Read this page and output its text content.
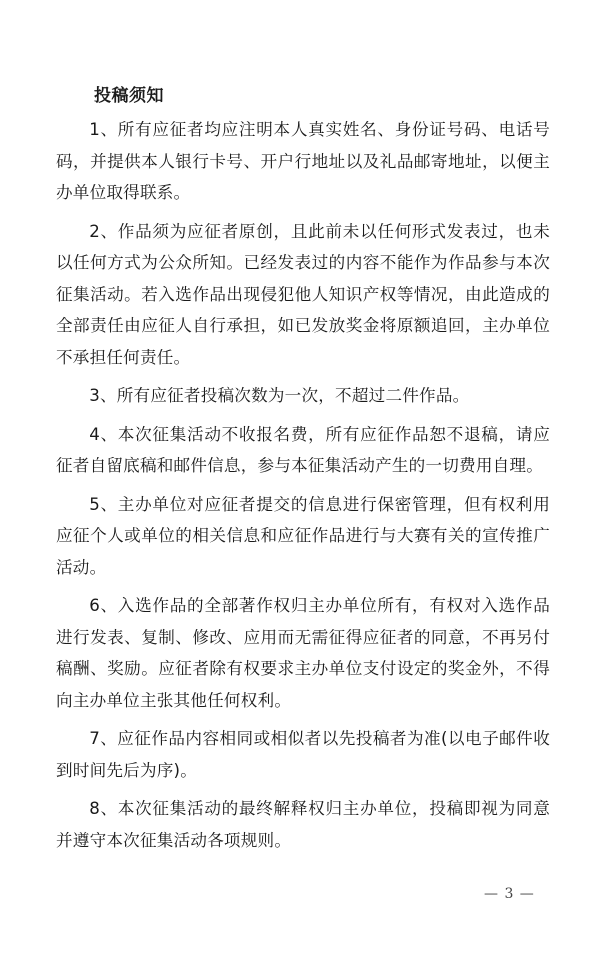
投稿须知

1、所有应征者均应注明本人真实姓名、身份证号码、电话号码，并提供本人银行卡号、开户行地址以及礼品邮寄地址，以便主办单位取得联系。

2、作品须为应征者原创，且此前未以任何形式发表过，也未以任何方式为公众所知。已经发表过的内容不能作为作品参与本次征集活动。若入选作品出现侵犯他人知识产权等情况，由此造成的全部责任由应征人自行承担，如已发放奖金将原额追回，主办单位不承担任何责任。

3、所有应征者投稿次数为一次，不超过二件作品。

4、本次征集活动不收报名费，所有应征作品恕不退稿，请应征者自留底稿和邮件信息，参与本征集活动产生的一切费用自理。

5、主办单位对应征者提交的信息进行保密管理，但有权利用应征个人或单位的相关信息和应征作品进行与大赛有关的宣传推广活动。

6、入选作品的全部著作权归主办单位所有，有权对入选作品进行发表、复制、修改、应用而无需征得应征者的同意，不再另付稿酬、奖励。应征者除有权要求主办单位支付设定的奖金外，不得向主办单位主张其他任何权利。

7、应征作品内容相同或相似者以先投稿者为准(以电子邮件收到时间先后为序)。

8、本次征集活动的最终解释权归主办单位，投稿即视为同意并遵守本次征集活动各项规则。

— 3 —
